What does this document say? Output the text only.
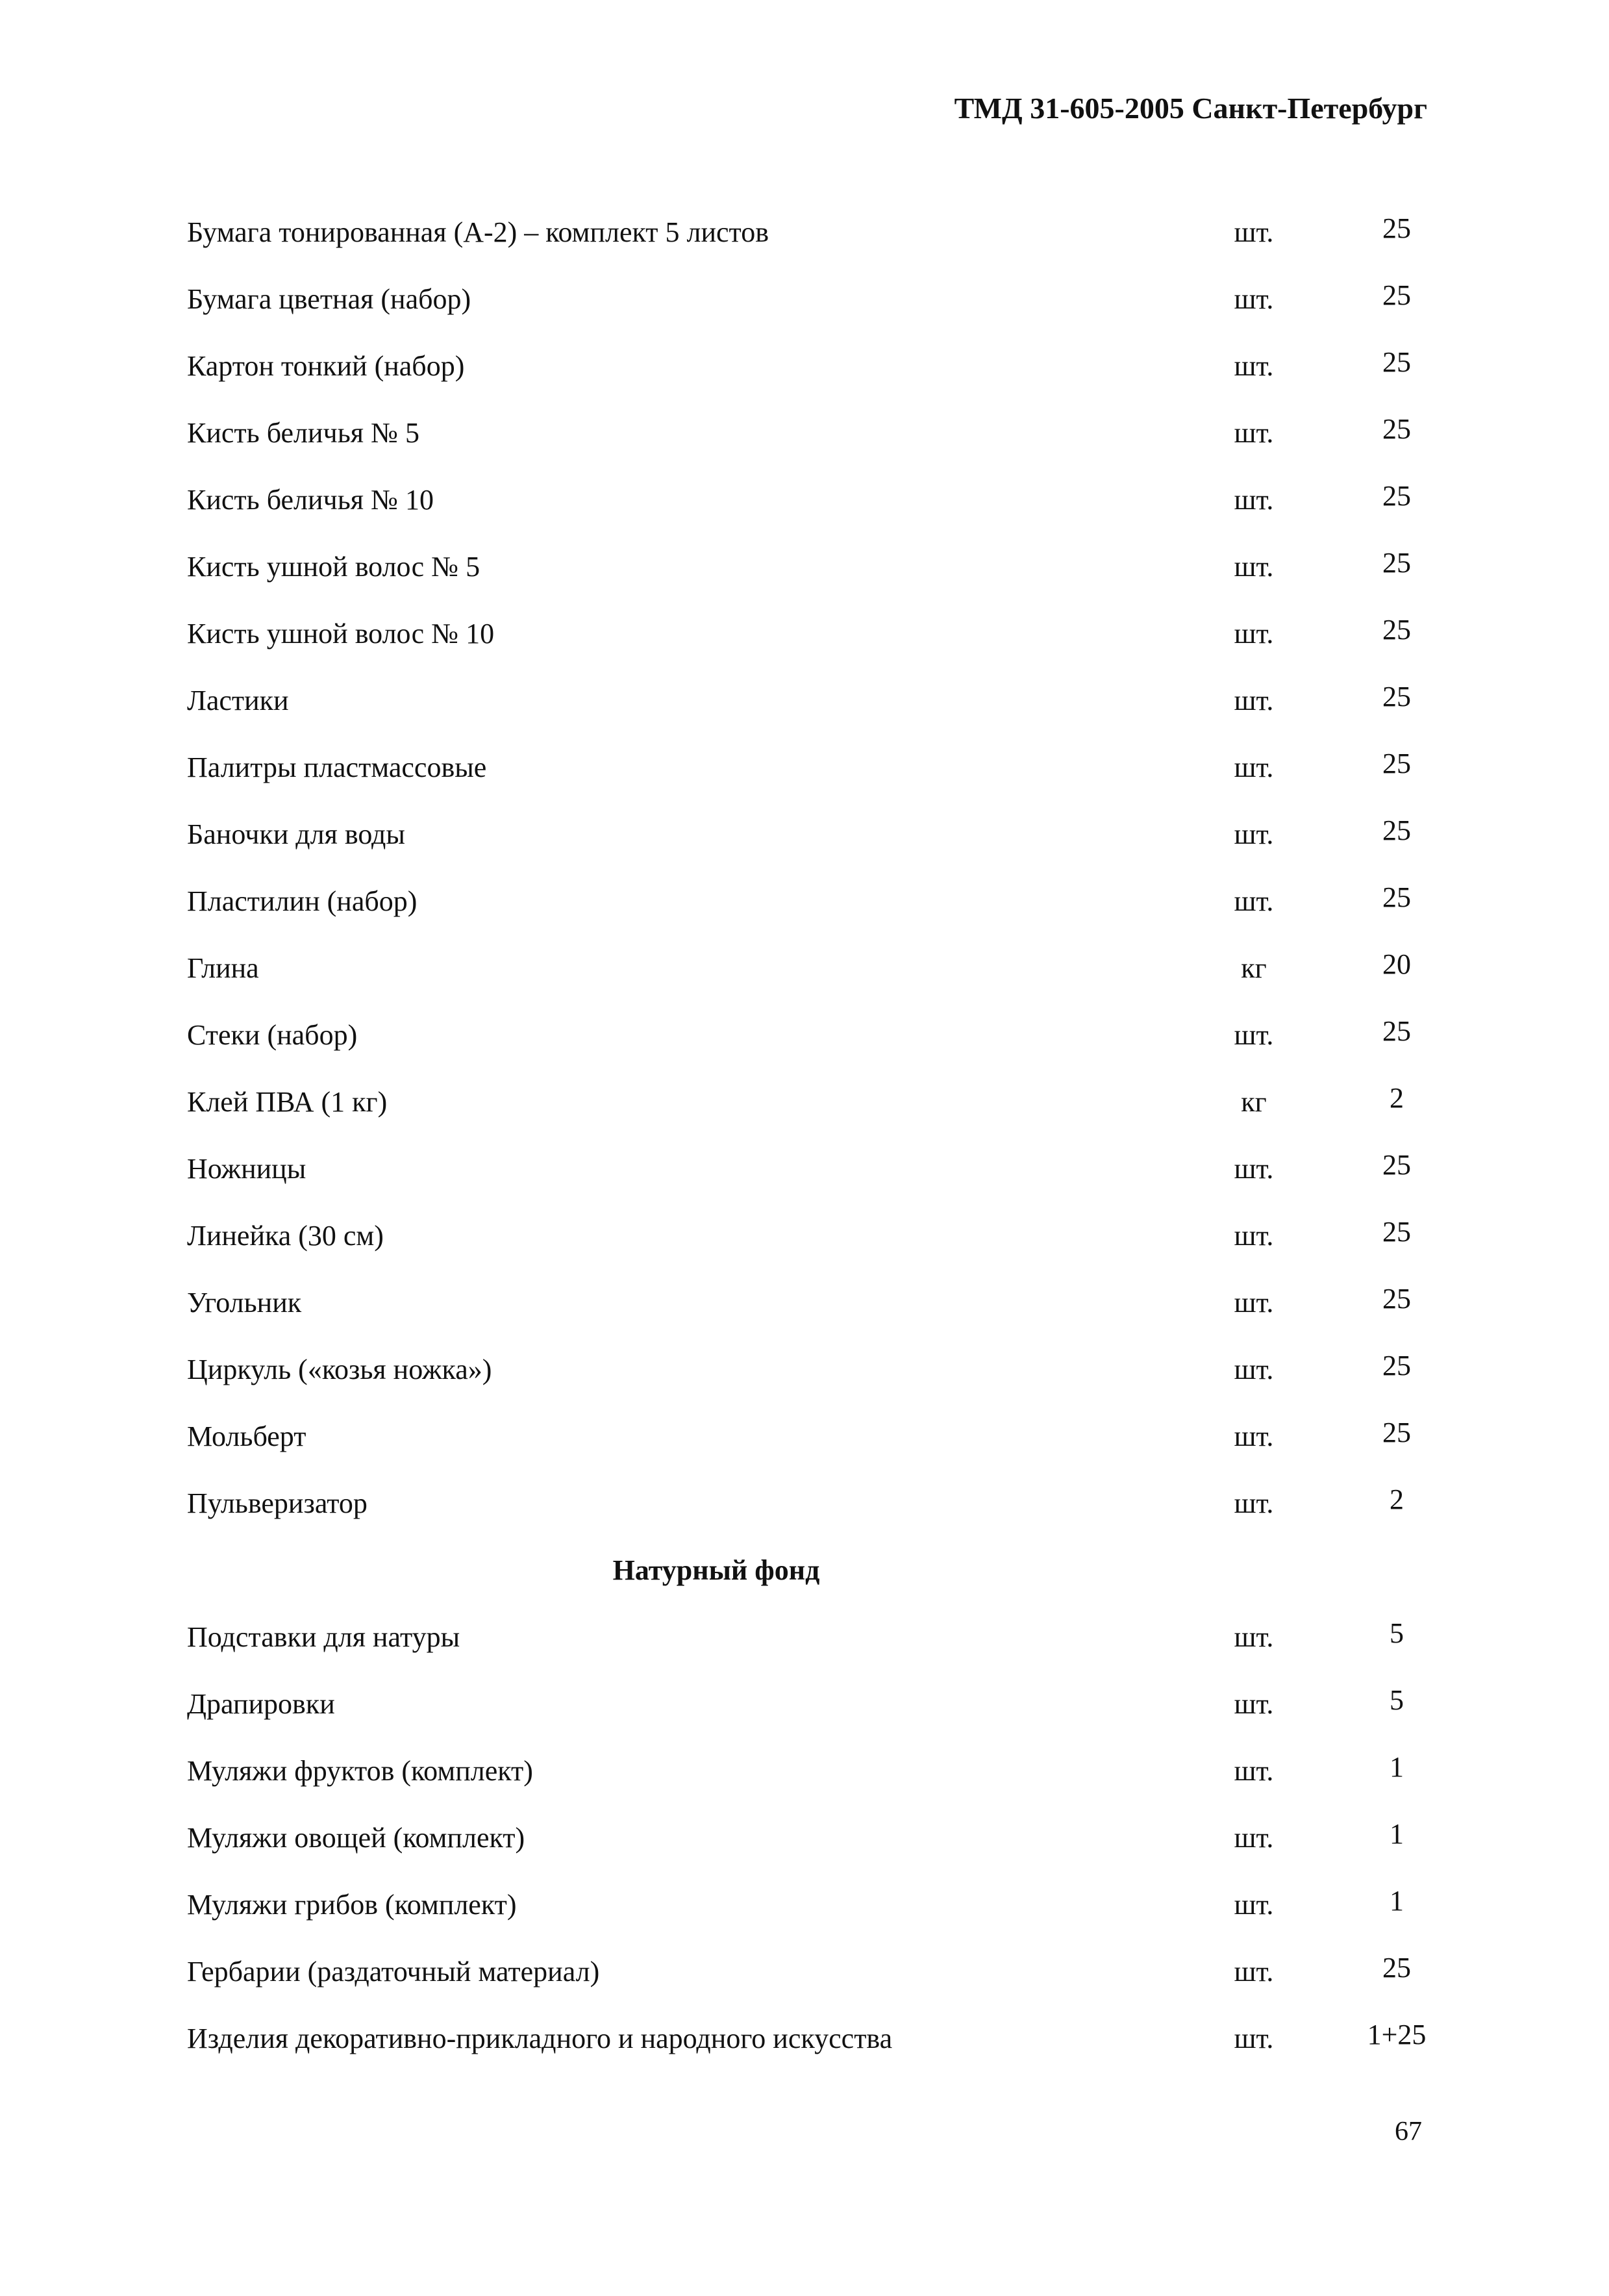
ТМД 31-605-2005 Санкт-Петербург
Бумага тонированная (А-2) – комплект 5 листов	шт.	25
Бумага цветная (набор)	шт.	25
Картон тонкий (набор)	шт.	25
Кисть беличья № 5	шт.	25
Кисть беличья № 10	шт.	25
Кисть ушной волос № 5	шт.	25
Кисть ушной волос № 10	шт.	25
Ластики	шт.	25
Палитры пластмассовые	шт.	25
Баночки для воды	шт.	25
Пластилин (набор)	шт.	25
Глина	кг	20
Стеки (набор)	шт.	25
Клей ПВА (1 кг)	кг	2
Ножницы	шт.	25
Линейка (30 см)	шт.	25
Угольник	шт.	25
Циркуль («козья ножка»)	шт.	25
Мольберт	шт.	25
Пульверизатор	шт.	2
Натурный фонд
Подставки для натуры	шт.	5
Драпировки	шт.	5
Муляжи фруктов (комплект)	шт.	1
Муляжи овощей (комплект)	шт.	1
Муляжи грибов (комплект)	шт.	1
Гербарии (раздаточный материал)	шт.	25
Изделия декоративно-прикладного и народного искусства	шт.	1+25
67
